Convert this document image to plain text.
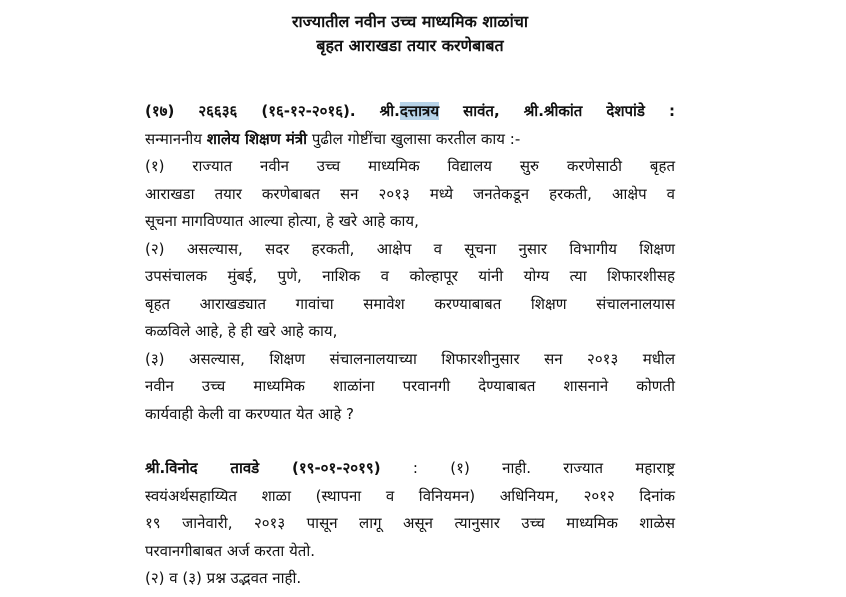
राज्यातील नवीन उच्च माध्यमिक शाळांचा
बृहत आराखडा तयार करणेबाबत
(१७) २६६३६ (१६-१२-२०१६). श्री.दत्तात्रय सावंत, श्री.श्रीकांत देशपांडे :
सन्माननीय शालेय शिक्षण मंत्री पुढील गोष्टींचा खुलासा करतील काय :-
(१) राज्यात नवीन उच्च माध्यमिक विद्यालय सुरु करणेसाठी बृहत
आराखडा तयार करणेबाबत सन २०१३ मध्ये जनतेकडून हरकती, आक्षेप व
सूचना मागविण्यात आल्या होत्या, हे खरे आहे काय,
(२) असल्यास, सदर हरकती, आक्षेप व सूचना नुसार विभागीय शिक्षण
उपसंचालक मुंबई, पुणे, नाशिक व कोल्हापूर यांनी योग्य त्या शिफारशीसह
बृहत आराखड्यात गावांचा समावेश करण्याबाबत शिक्षण संचालनालयास
कळविले आहे, हे ही खरे आहे काय,
(३) असल्यास, शिक्षण संचालनालयाच्या शिफारशीनुसार सन २०१३ मधील
नवीन उच्च माध्यमिक शाळांना परवानगी देण्याबाबत शासनाने कोणती
कार्यवाही केली वा करण्यात येत आहे ?
श्री.विनोद तावडे (१९-०१-२०१९) : (१) नाही. राज्यात महाराष्ट्र
स्वयंअर्थसहाय्यित शाळा (स्थापना व विनियमन) अधिनियम, २०१२ दिनांक
१९ जानेवारी, २०१३ पासून लागू असून त्यानुसार उच्च माध्यमिक शाळेस
परवानगीबाबत अर्ज करता येतो.
(२) व (३) प्रश्न उद्भवत नाही.
